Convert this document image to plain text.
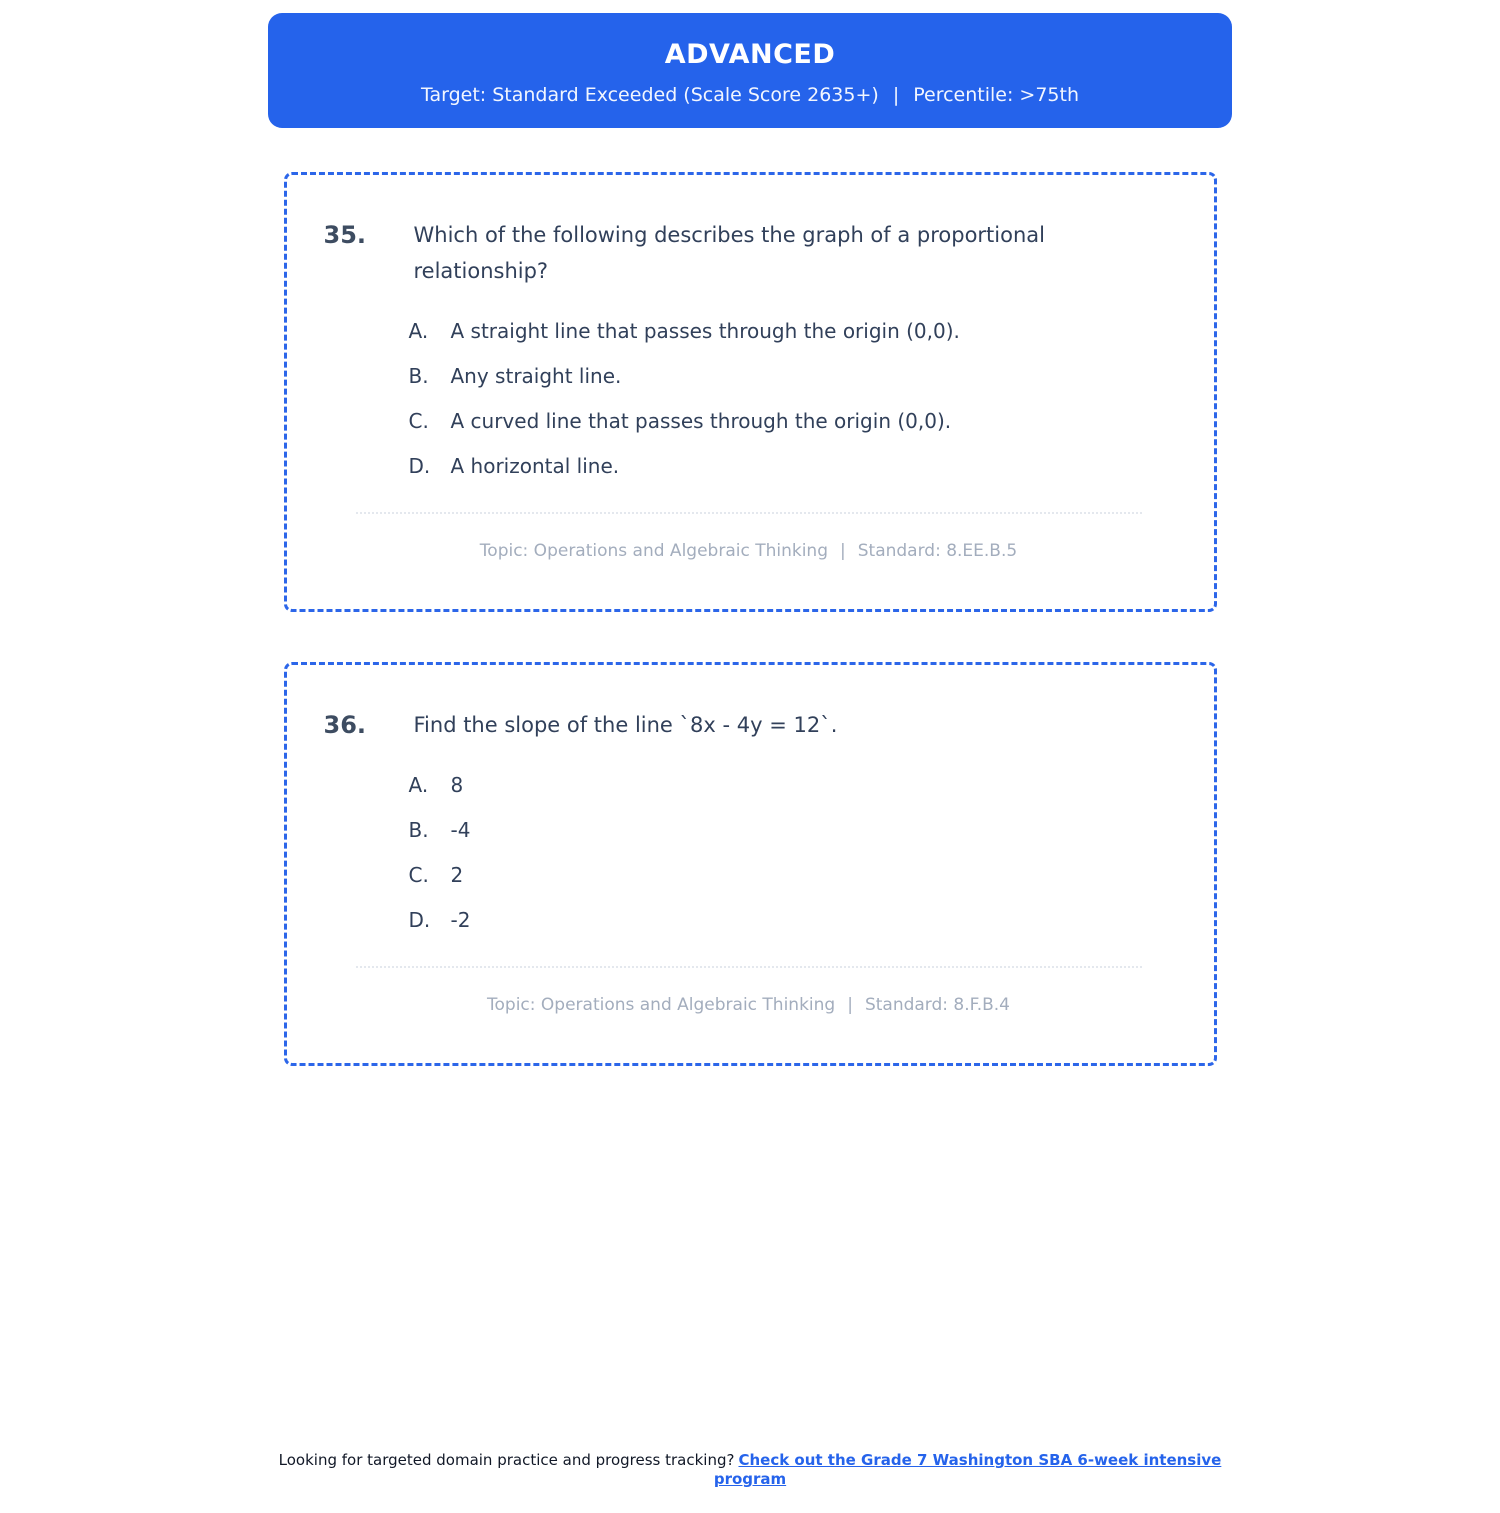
ADVANCED
Target: Standard Exceeded (Scale Score 2635+) | Percentile: >75th
35.	Which of the following describes the graph of a proportional relationship?
A.	A straight line that passes through the origin (0,0).
B.	Any straight line.
C.	A curved line that passes through the origin (0,0).
D.	A horizontal line.
Topic: Operations and Algebraic Thinking | Standard: 8.EE.B.5
36.	Find the slope of the line `8x - 4y = 12`.
A.	8
B.	-4
C.	2
D.	-2
Topic: Operations and Algebraic Thinking | Standard: 8.F.B.4
Looking for targeted domain practice and progress tracking? Check out the Grade 7 Washington SBA 6-week intensive program
